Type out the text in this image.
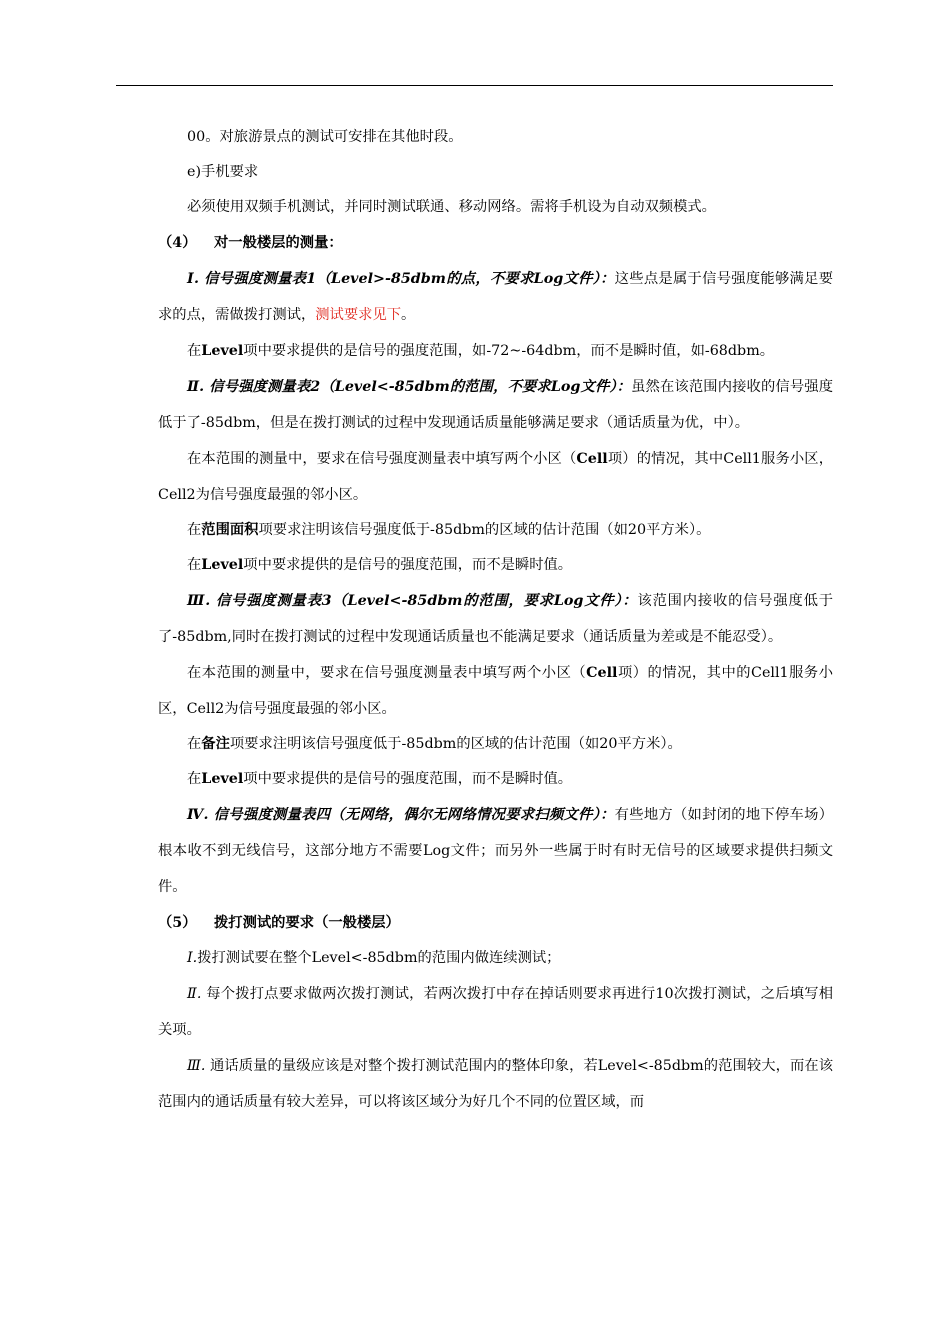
00。对旅游景点的测试可安排在其他时段。

e)手机要求

必须使用双频手机测试，并同时测试联通、移动网络。需将手机设为自动双频模式。

（4） 对一般楼层的测量：

Ⅰ. 信号强度测量表1（Level>-85dbm的点，不要求Log文件）：这些点是属于信号强度能够满足要求的点，需做拨打测试，测试要求见下。

在Level项中要求提供的是信号的强度范围，如-72~-64dbm，而不是瞬时值，如-68dbm。

Ⅱ. 信号强度测量表2（Level<-85dbm的范围，不要求Log文件）：虽然在该范围内接收的信号强度低于了-85dbm，但是在拨打测试的过程中发现通话质量能够满足要求（通话质量为优，中）。

在本范围的测量中，要求在信号强度测量表中填写两个小区（Cell项）的情况，其中Cell1服务小区，Cell2为信号强度最强的邻小区。

在范围面积项要求注明该信号强度低于-85dbm的区域的估计范围（如20平方米）。

在Level项中要求提供的是信号的强度范围，而不是瞬时值。

Ⅲ. 信号强度测量表3（Level<-85dbm的范围，要求Log文件）：该范围内接收的信号强度低于了-85dbm,同时在拨打测试的过程中发现通话质量也不能满足要求（通话质量为差或是不能忍受）。

在本范围的测量中，要求在信号强度测量表中填写两个小区（Cell项）的情况，其中的Cell1服务小区，Cell2为信号强度最强的邻小区。

在备注项要求注明该信号强度低于-85dbm的区域的估计范围（如20平方米）。

在Level项中要求提供的是信号的强度范围，而不是瞬时值。

Ⅳ. 信号强度测量表四（无网络，偶尔无网络情况要求扫频文件）：有些地方（如封闭的地下停车场）根本收不到无线信号，这部分地方不需要Log文件；而另外一些属于时有时无信号的区域要求提供扫频文件。

（5） 拨打测试的要求（一般楼层）

Ⅰ.拨打测试要在整个Level<-85dbm的范围内做连续测试；

Ⅱ. 每个拨打点要求做两次拨打测试，若两次拨打中存在掉话则要求再进行10次拨打测试，之后填写相关项。

Ⅲ. 通话质量的量级应该是对整个拨打测试范围内的整体印象，若Level<-85dbm的范围较大，而在该范围内的通话质量有较大差异，可以将该区域分为好几个不同的位置区域，而
